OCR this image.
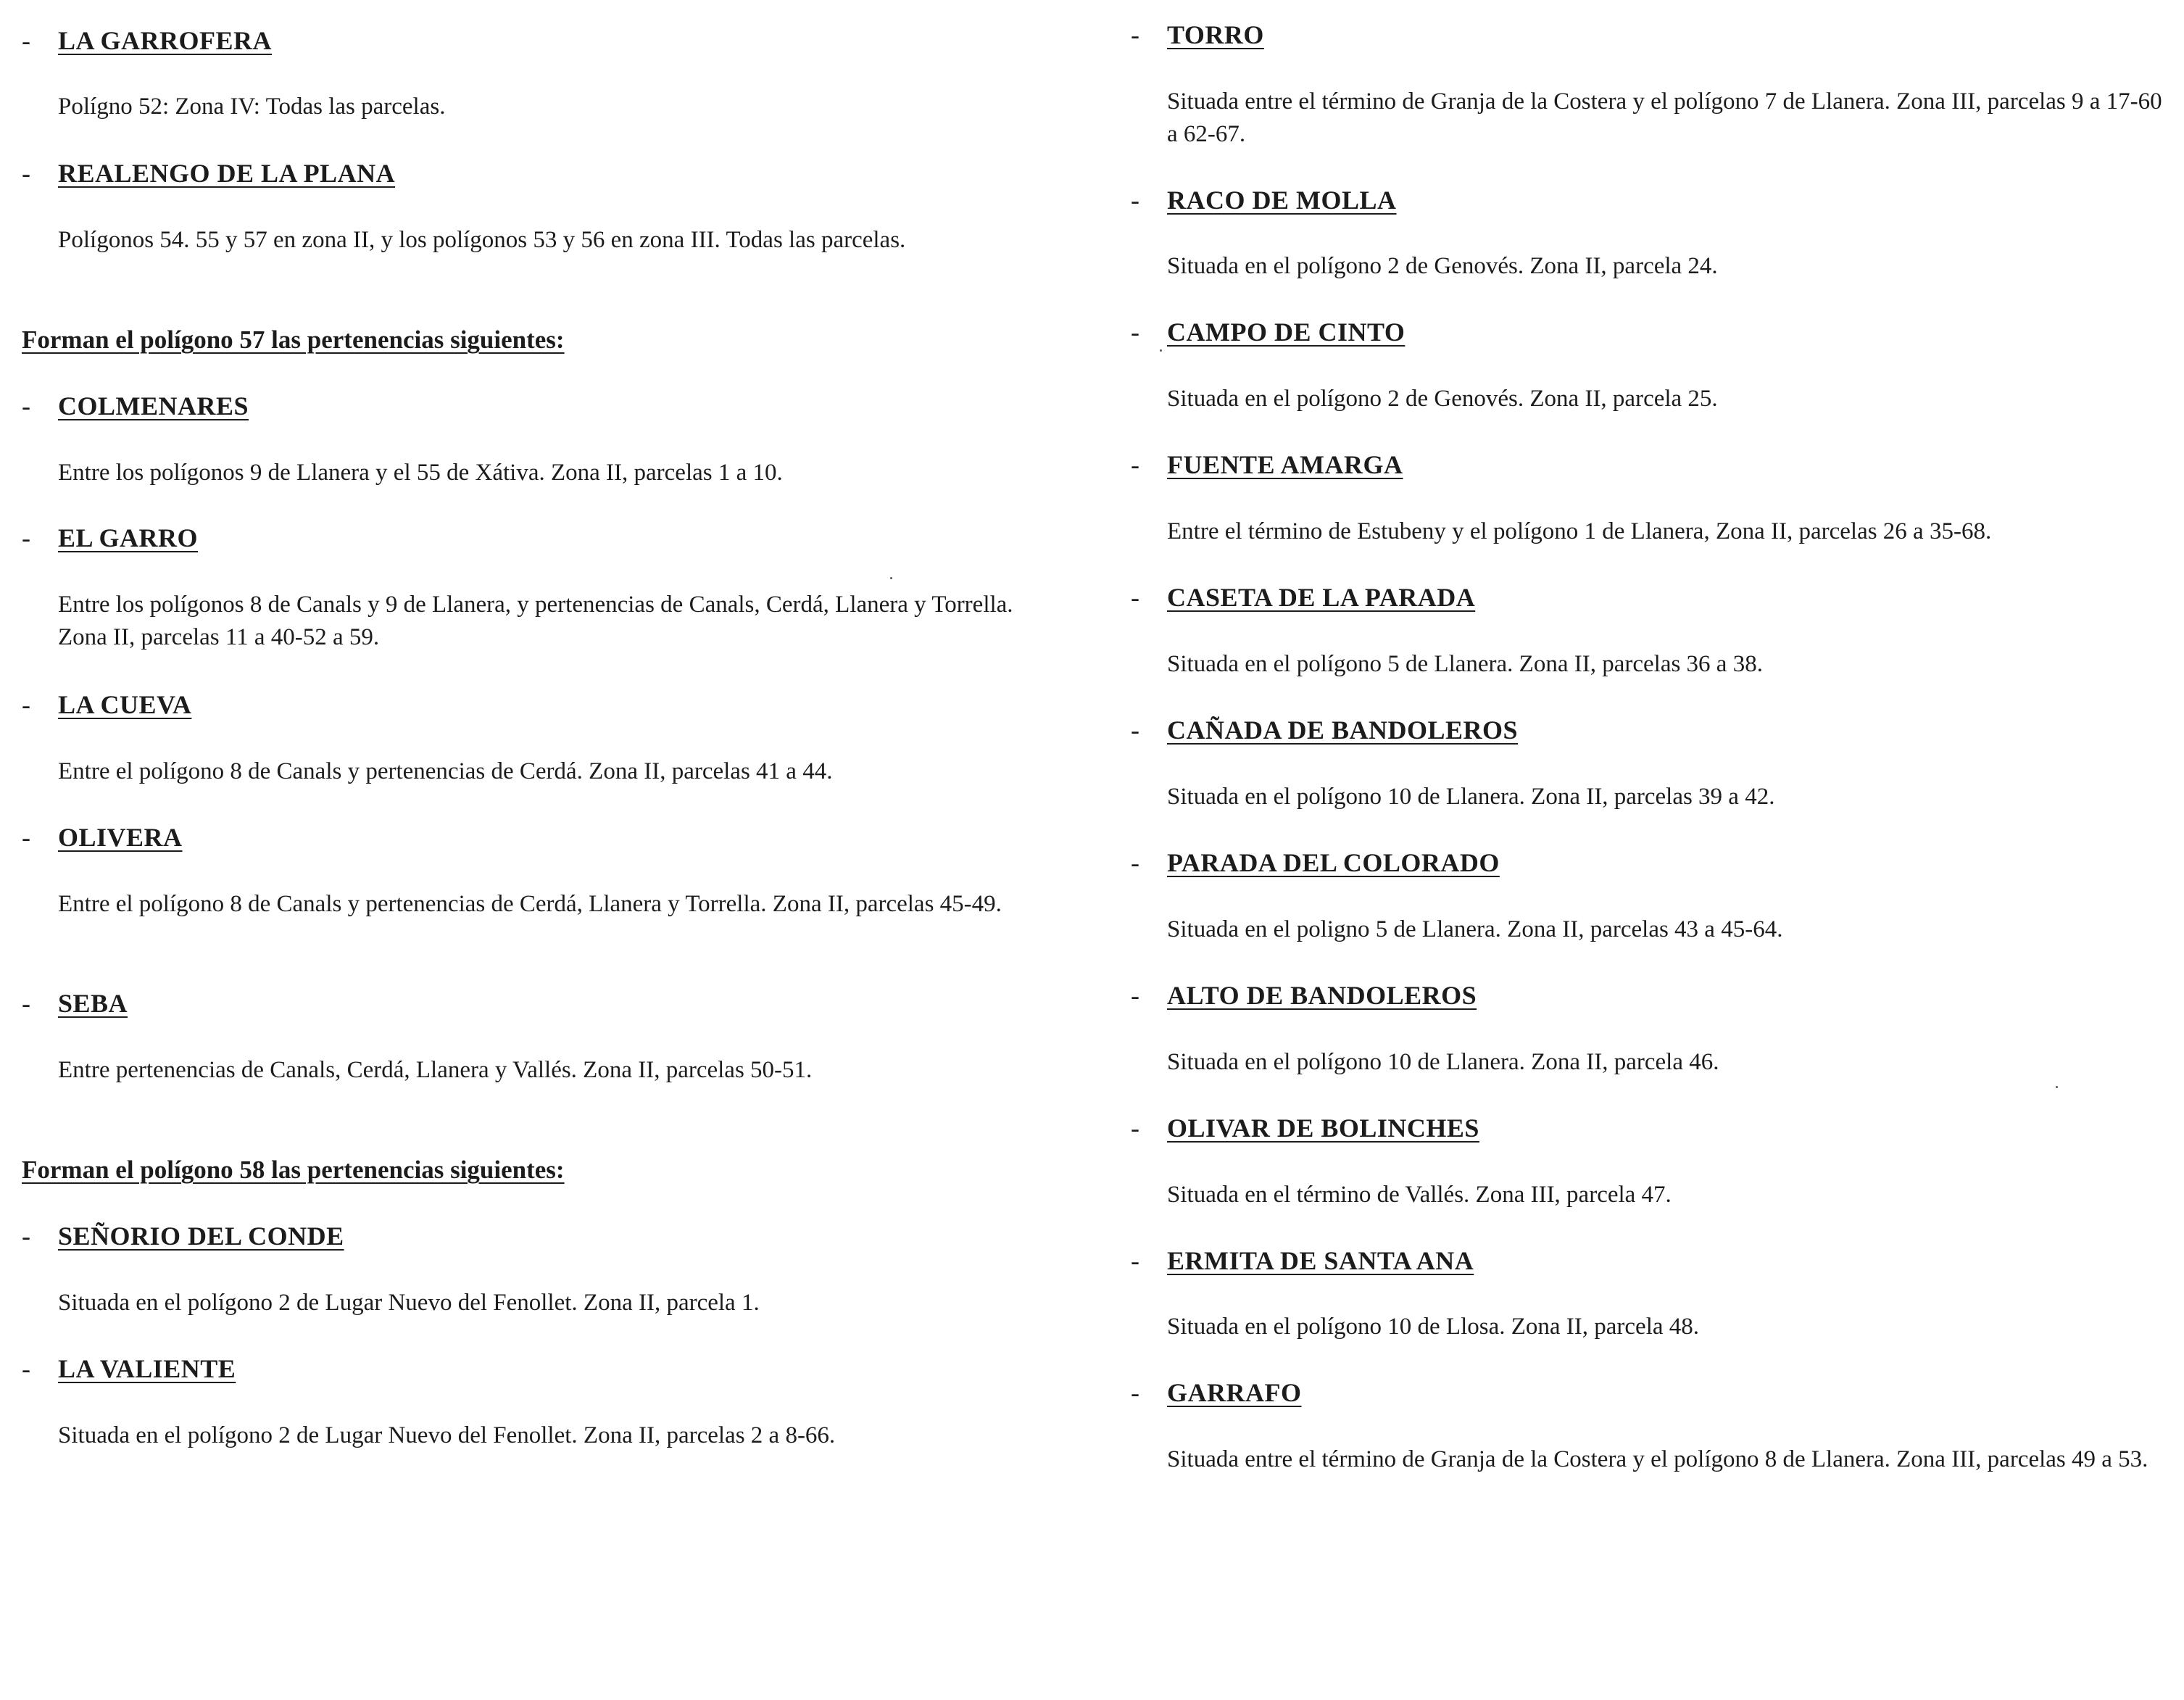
- LA GARROFERA
Polígno 52: Zona IV: Todas las parcelas.
- REALENGO DE LA PLANA
Polígonos 54. 55 y 57 en zona II, y los polígonos 53 y 56 en zona III. Todas las parcelas.
Forman el polígono 57 las pertenencias siguientes:
- COLMENARES
Entre los polígonos 9 de Llanera y el 55 de Xátiva. Zona II, parcelas 1 a 10.
- EL GARRO
Entre los polígonos 8 de Canals y 9 de Llanera, y pertenencias de Canals, Cerdá, Llanera y Torrella. Zona II, parcelas 11 a 40-52 a 59.
- LA CUEVA
Entre el polígono 8 de Canals y pertenencias de Cerdá. Zona II, parcelas 41 a 44.
- OLIVERA
Entre el polígono 8 de Canals y pertenencias de Cerdá, Llanera y Torrella. Zona II, parcelas 45-49.
- SEBA
Entre pertenencias de Canals, Cerdá, Llanera y Vallés. Zona II, parcelas 50-51.
Forman el polígono 58 las pertenencias siguientes:
- SEÑORIO DEL CONDE
Situada en el polígono 2 de Lugar Nuevo del Fenollet. Zona II, parcela 1.
- LA VALIENTE
Situada en el polígono 2 de Lugar Nuevo del Fenollet. Zona II, parcelas 2 a 8-66.
- TORRO
Situada entre el término de Granja de la Costera y el polígono 7 de Llanera. Zona III, parcelas 9 a 17-60 a 62-67.
- RACO DE MOLLA
Situada en el polígono 2 de Genovés. Zona II, parcela 24.
- CAMPO DE CINTO
Situada en el polígono 2 de Genovés. Zona II, parcela 25.
- FUENTE AMARGA
Entre el término de Estubeny y el polígono 1 de Llanera, Zona II, parcelas 26 a 35-68.
- CASETA DE LA PARADA
Situada en el polígono 5 de Llanera. Zona II, parcelas 36 a 38.
- CAÑADA DE BANDOLEROS
Situada en el polígono 10 de Llanera. Zona II, parcelas 39 a 42.
- PARADA DEL COLORADO
Situada en el poligno 5 de Llanera. Zona II, parcelas 43 a 45-64.
- ALTO DE BANDOLEROS
Situada en el polígono 10 de Llanera. Zona II, parcela 46.
- OLIVAR DE BOLINCHES
Situada en el término de Vallés. Zona III, parcela 47.
- ERMITA DE SANTA ANA
Situada en el polígono 10 de Llosa. Zona II, parcela 48.
- GARRAFO
Situada entre el término de Granja de la Costera y el polígono 8 de Llanera. Zona III, parcelas 49 a 53.
